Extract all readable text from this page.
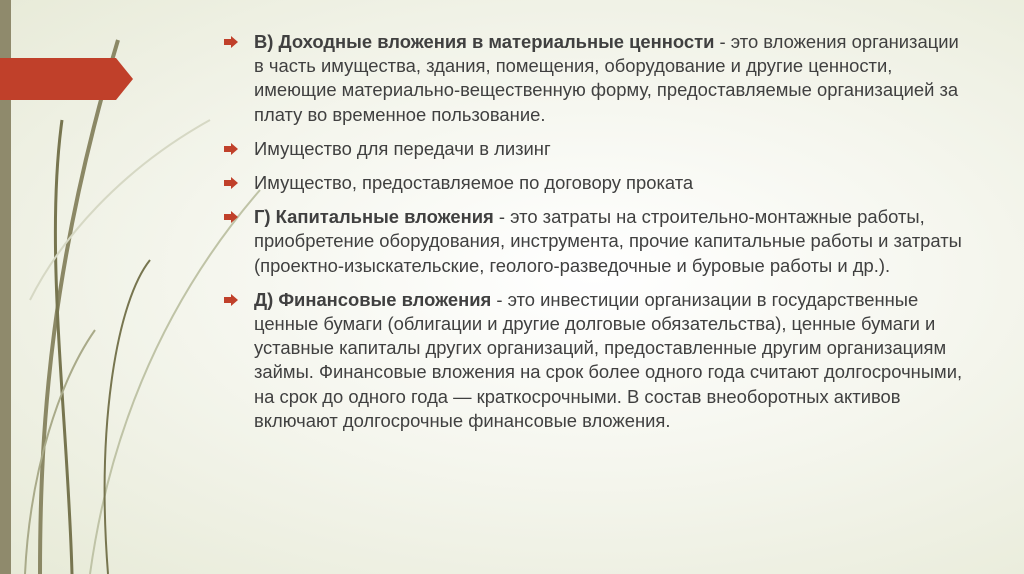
В) Доходные вложения в материальные ценности - это вложения организации в часть имущества, здания, помещения, оборудование и другие ценности, имеющие материально-вещественную форму, предоставляемые организацией за плату во временное пользование.
Имущество для передачи в лизинг
Имущество, предоставляемое по договору проката
Г) Капитальные вложения - это затраты на строительно-монтажные работы, приобретение оборудования, инструмента, прочие капитальные работы и затраты (проектно-изыскательские, геолого-разведочные и буровые работы и др.).
Д) Финансовые вложения - это инвестиции организации в государственные ценные бумаги (облигации и другие долговые обязательства), ценные бумаги и уставные капиталы других организаций, предоставленные другим организациям займы. Финансовые вложения на срок более одного года считают долгосрочными, на срок до одного года — краткосрочными. В состав внеоборотных активов включают долгосрочные финансовые вложения.
